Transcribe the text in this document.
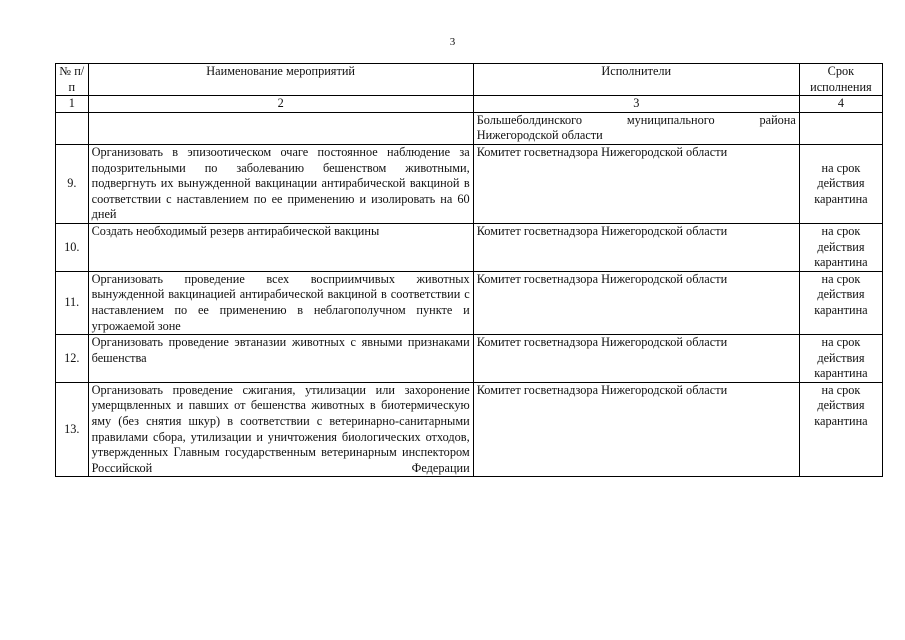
3
№ п/п	Наименование мероприятий	Исполнители	Срок исполнения
1	2	3	4
		Большеболдинского муниципального района Нижегородской области	
9.	Организовать в эпизоотическом очаге постоянное наблюдение за подозрительными по заболеванию бешенством животными, подвергнуть их вынужденной вакцинации антирабической вакциной в соответствии с наставлением по ее применению и изолировать на 60 дней	Комитет госветнадзора Нижегородской области	на срок действия карантина
10.	Создать необходимый резерв антирабической вакцины	Комитет госветнадзора Нижегородской области	на срок действия карантина
11.	Организовать проведение всех восприимчивых животных вынужденной вакцинацией антирабической вакциной в соответствии с наставлением по ее применению в неблагополучном пункте и угрожаемой зоне	Комитет госветнадзора Нижегородской области	на срок действия карантина
12.	Организовать проведение эвтаназии животных с явными признаками бешенства	Комитет госветнадзора Нижегородской области	на срок действия карантина
13.	Организовать проведение сжигания, утилизации или захоронение умерщвленных и павших от бешенства животных в биотермическую яму (без снятия шкур) в соответствии с ветеринарно-санитарными правилами сбора, утилизации и уничтожения биологических отходов, утвержденных Главным государственным ветеринарным инспектором Российской Федерации	Комитет госветнадзора Нижегородской области	на срок действия карантина
